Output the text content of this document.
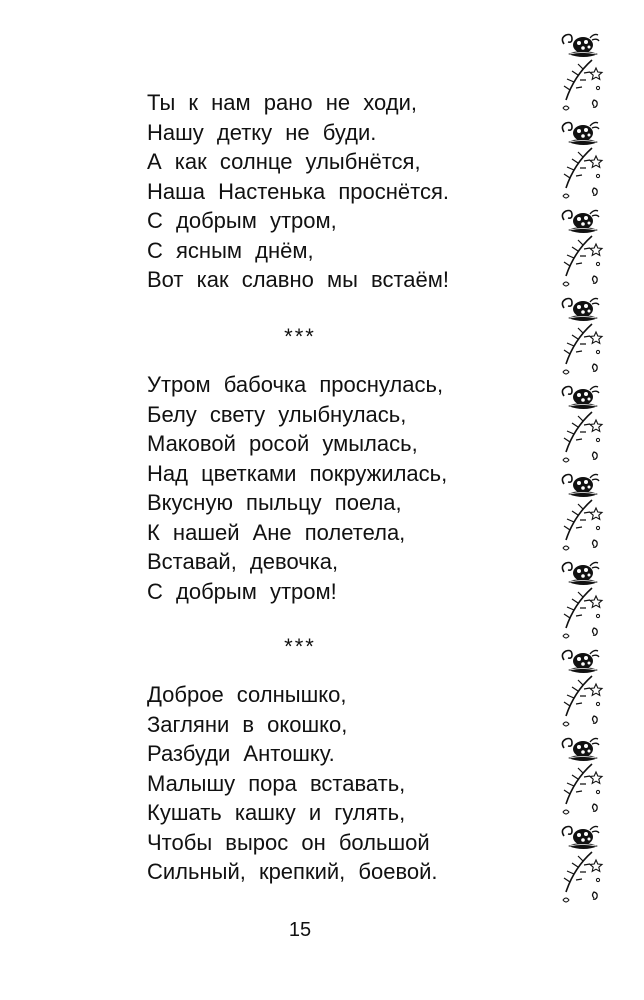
Ты к нам рано не ходи,
Нашу детку не буди.
А как солнце улыбнётся,
Наша Настенька проснётся.
С добрым утром,
С ясным днём,
Вот как славно мы встаём!
***
Утром бабочка проснулась,
Белу свету улыбнулась,
Маковой росой умылась,
Над цветками покружилась,
Вкусную пыльцу поела,
К нашей Ане полетела,
Вставай, девочка,
С добрым утром!
***
Доброе солнышко,
Загляни в окошко,
Разбуди Антошку.
Малышу пора вставать,
Кушать кашку и гулять,
Чтобы вырос он большой
Сильный, крепкий, боевой.
15
